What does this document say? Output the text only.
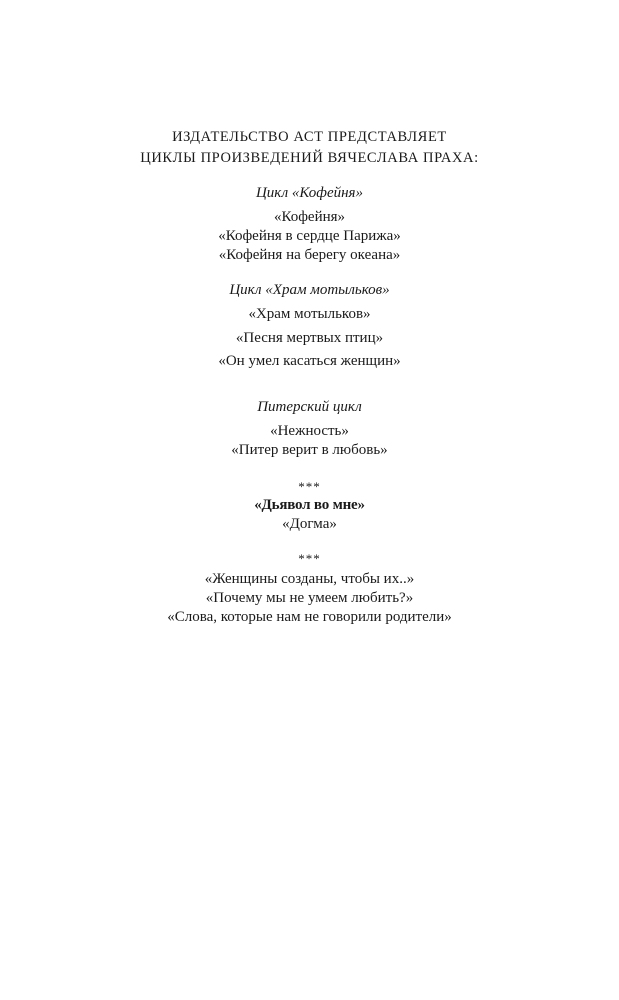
ИЗДАТЕЛЬСТВО АСТ ПРЕДСТАВЛЯЕТ

ЦИКЛЫ ПРОИЗВЕДЕНИЙ ВЯЧЕСЛАВА ПРАХА:

Цикл «Кофейня»

«Кофейня»

«Кофейня в сердце Парижа»

«Кофейня на берегу океана»

Цикл «Храм мотыльков»

«Храм мотыльков»

«Песня мертвых птиц»

«Он умел касаться женщин»

Питерский цикл

«Нежность»

«Питер верит в любовь»

***

«Дьявол во мне»

«Догма»

***

«Женщины созданы, чтобы их..»

«Почему мы не умеем любить?»

«Слова, которые нам не говорили родители»
